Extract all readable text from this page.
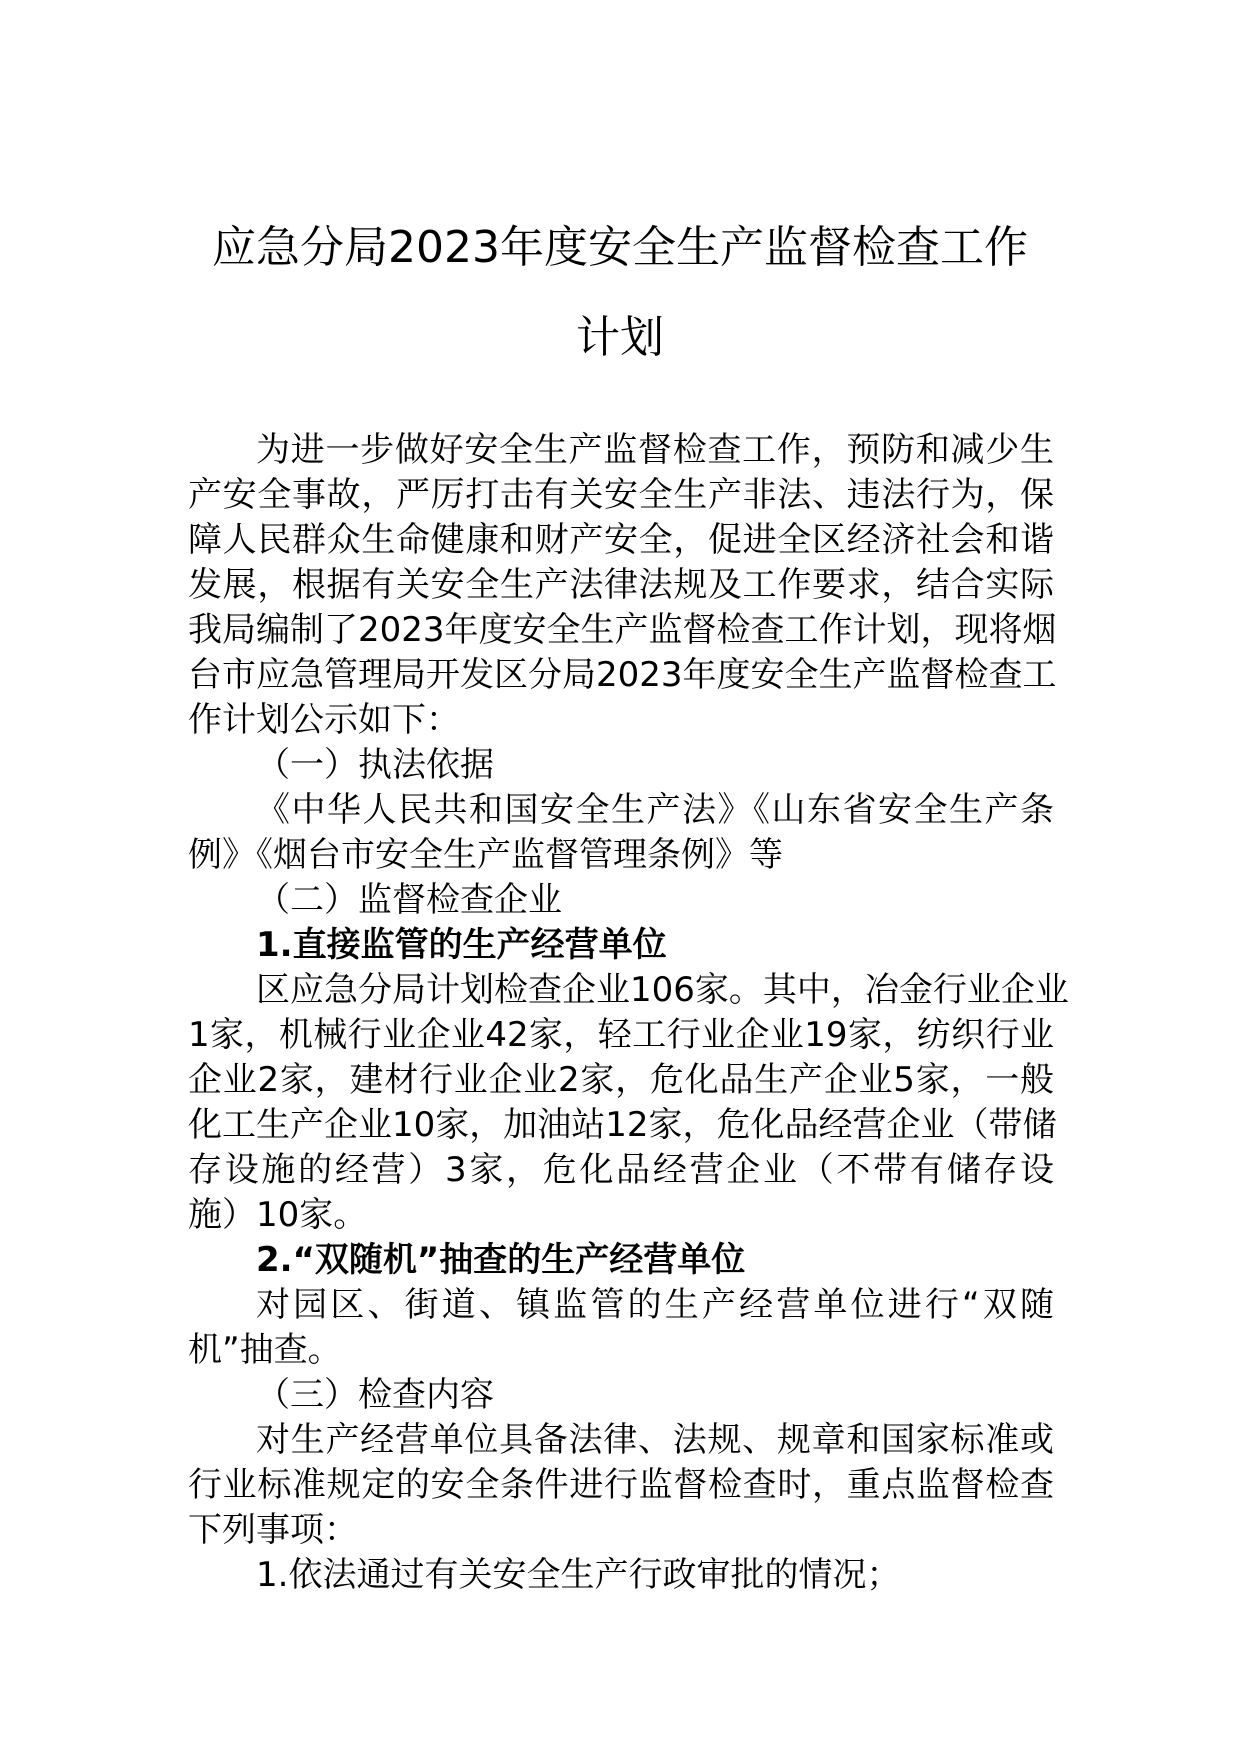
应急分局2023年度安全生产监督检查工作
计划
为进一步做好安全生产监督检查工作，预防和减少生
产安全事故，严厉打击有关安全生产非法、违法行为，保
障人民群众生命健康和财产安全，促进全区经济社会和谐
发展，根据有关安全生产法律法规及工作要求，结合实际
我局编制了2023年度安全生产监督检查工作计划，现将烟
台市应急管理局开发区分局2023年度安全生产监督检查工
作计划公示如下：
（一）执法依据
《中华人民共和国安全生产法》《山东省安全生产条
例》《烟台市安全生产监督管理条例》等
（二）监督检查企业
1.直接监管的生产经营单位
区应急分局计划检查企业106家。其中，冶金行业企业
1家，机械行业企业42家，轻工行业企业19家，纺织行业
企业2家，建材行业企业2家，危化品生产企业5家，一般
化工生产企业10家，加油站12家，危化品经营企业（带储
存设施的经营）3家，危化品经营企业（不带有储存设
施）10家。
2.“双随机”抽查的生产经营单位
对园区、街道、镇监管的生产经营单位进行“双随
机”抽查。
（三）检查内容
对生产经营单位具备法律、法规、规章和国家标准或
行业标准规定的安全条件进行监督检查时，重点监督检查
下列事项：
1.依法通过有关安全生产行政审批的情况；
